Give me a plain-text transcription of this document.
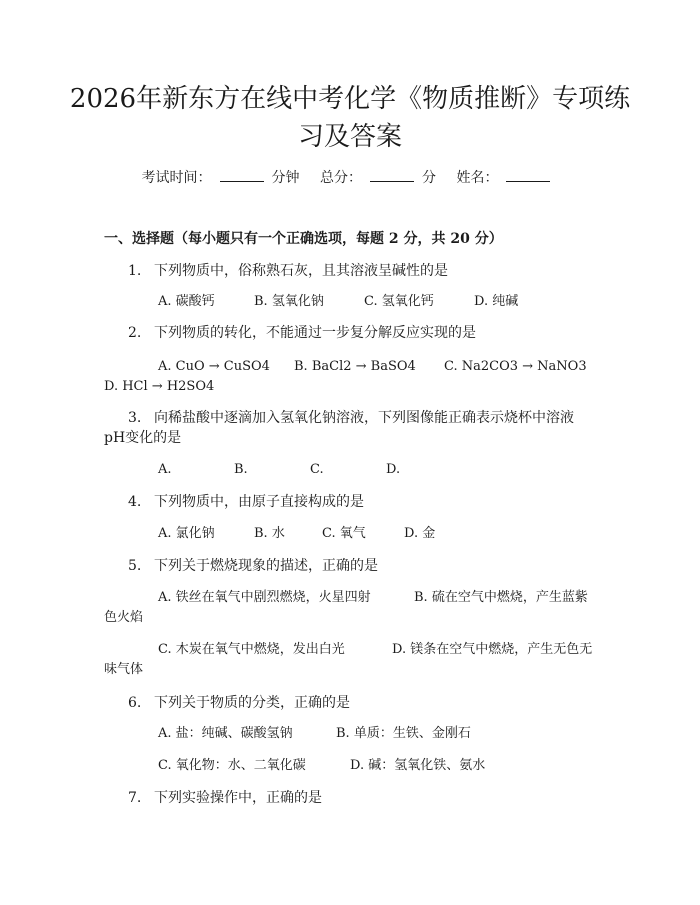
2026年新东方在线中考化学《物质推断》专项练习及答案
考试时间：	分钟 总分：	分 姓名：
一、选择题（每小题只有一个正确选项，每题 2 分，共 20 分）
1. 下列物质中，俗称熟石灰，且其溶液呈碱性的是
A. 碳酸钙	B. 氢氧化钠	C. 氢氧化钙	D. 纯碱
2. 下列物质的转化，不能通过一步复分解反应实现的是
A. CuO → CuSO4 B. BaCl2 → BaSO4 C. Na2CO3 → NaNO3
D. HCl → H2SO4
3. 向稀盐酸中逐滴加入氢氧化钠溶液，下列图像能正确表示烧杯中溶液pH变化的是
A.	B.	C.	D.
4. 下列物质中，由原子直接构成的是
A. 氯化钠	B. 水	C. 氧气	D. 金
5. 下列关于燃烧现象的描述，正确的是
A. 铁丝在氧气中剧烈燃烧，火星四射	B. 硫在空气中燃烧，产生蓝紫色火焰
C. 木炭在氧气中燃烧，发出白光	D. 镁条在空气中燃烧，产生无色无味气体
6. 下列关于物质的分类，正确的是
A. 盐：纯碱、碳酸氢钠	B. 单质：生铁、金刚石
C. 氧化物：水、二氧化碳	D. 碱：氢氧化铁、氨水
7. 下列实验操作中，正确的是
